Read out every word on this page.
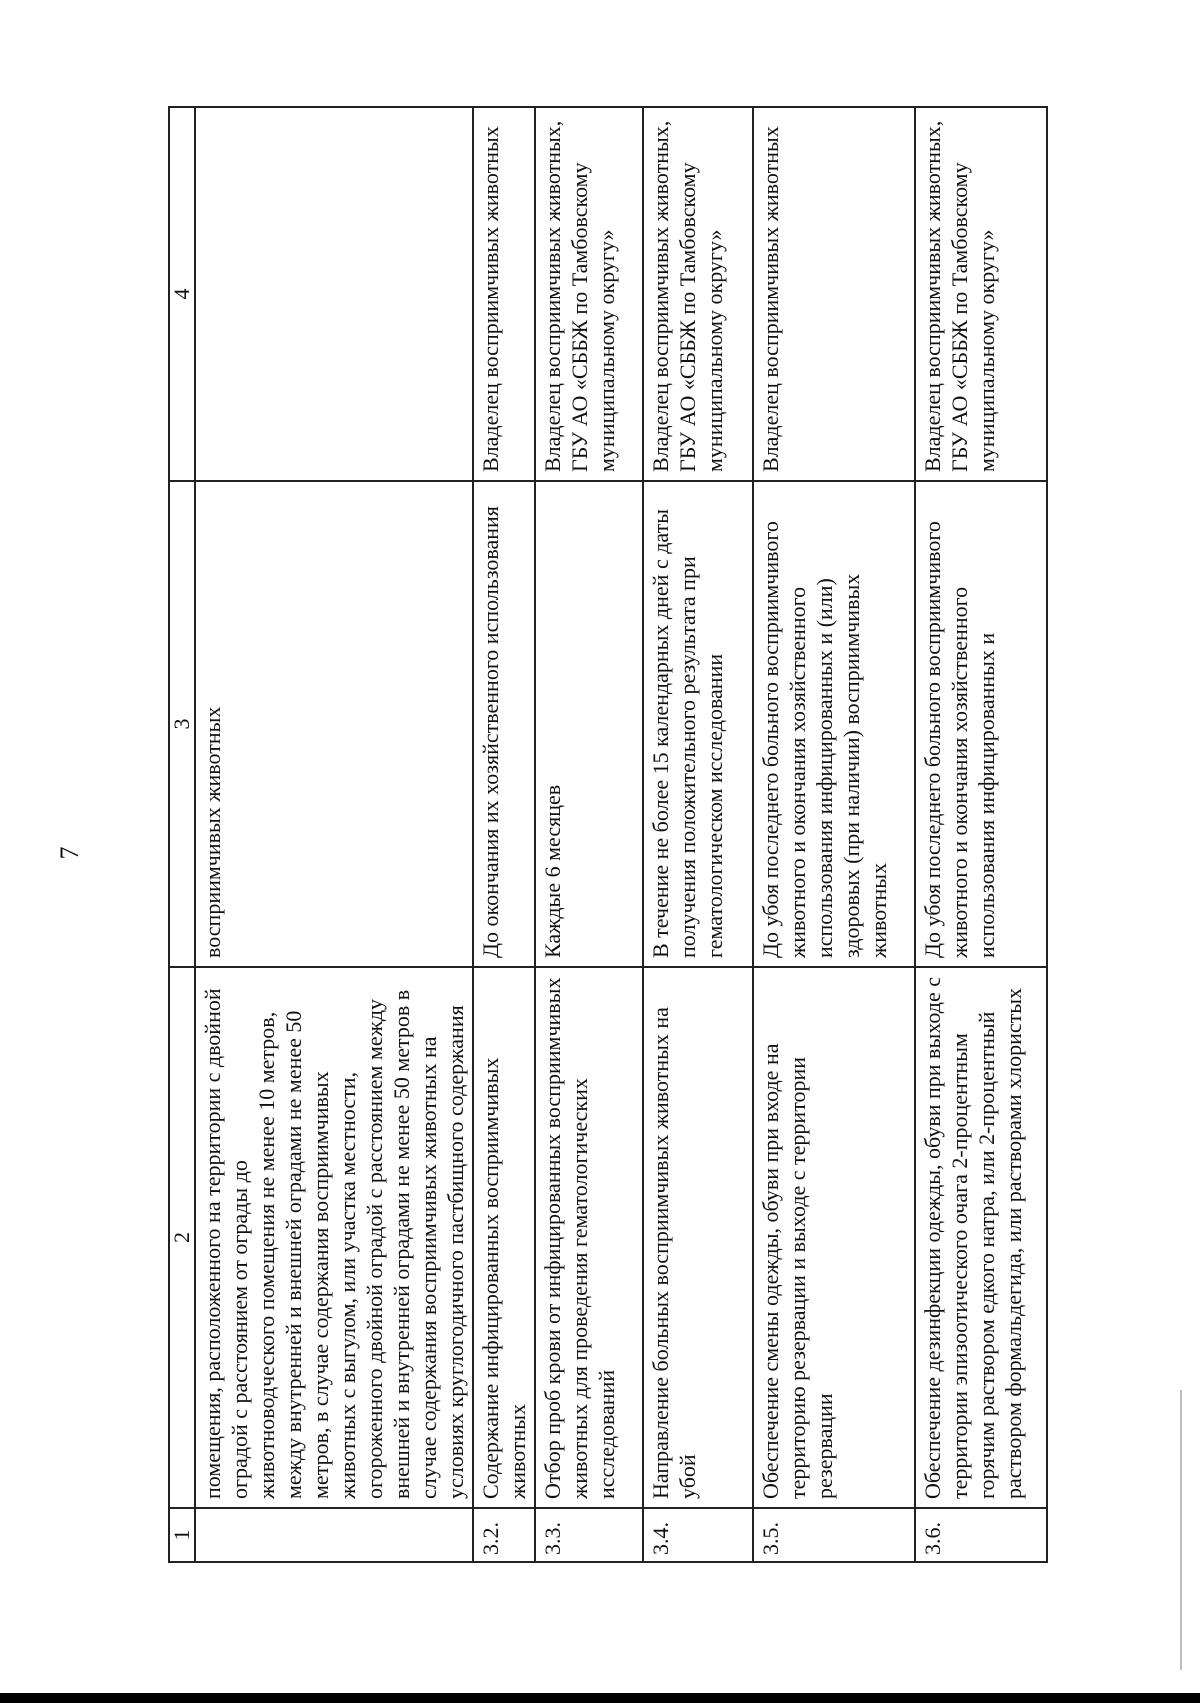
7
1	2	3	4
	помещения, расположенного на территории с двойной оградой с расстоянием от ограды до животноводческого помещения не менее 10 метров, между внутренней и внешней оградами не менее 50 метров, в случае содержания восприимчивых животных с выгулом, или участка местности, огороженного двойной оградой с расстоянием между внешней и внутренней оградами не менее 50 метров в случае содержания восприимчивых животных на условиях круглогодичного пастбищного содержания	восприимчивых животных	
3.2.	Содержание инфицированных восприимчивых животных	До окончания их хозяйственного использования	Владелец восприимчивых животных
3.3.	Отбор проб крови от инфицированных восприимчивых животных для проведения гематологических исследований	Каждые 6 месяцев	Владелец восприимчивых животных, ГБУ АО «СББЖ по Тамбовскому муниципальному округу»
3.4.	Направление больных восприимчивых животных на убой	В течение не более 15 календарных дней с даты получения положительного результата при гематологическом исследовании	Владелец восприимчивых животных, ГБУ АО «СББЖ по Тамбовскому муниципальному округу»
3.5.	Обеспечение смены одежды, обуви при входе на территорию резервации и выходе с территории резервации	До убоя последнего больного восприимчивого животного и окончания хозяйственного использования инфицированных и (или) здоровых (при наличии) восприимчивых животных	Владелец восприимчивых животных
3.6.	Обеспечение дезинфекции одежды, обуви при выходе с территории эпизоотического очага 2-процентным горячим раствором едкого натра, или 2-процентный раствором формальдегида, или растворами хлористых	До убоя последнего больного восприимчивого животного и окончания хозяйственного использования инфицированных и	Владелец восприимчивых животных, ГБУ АО «СББЖ по Тамбовскому муниципальному округу»
